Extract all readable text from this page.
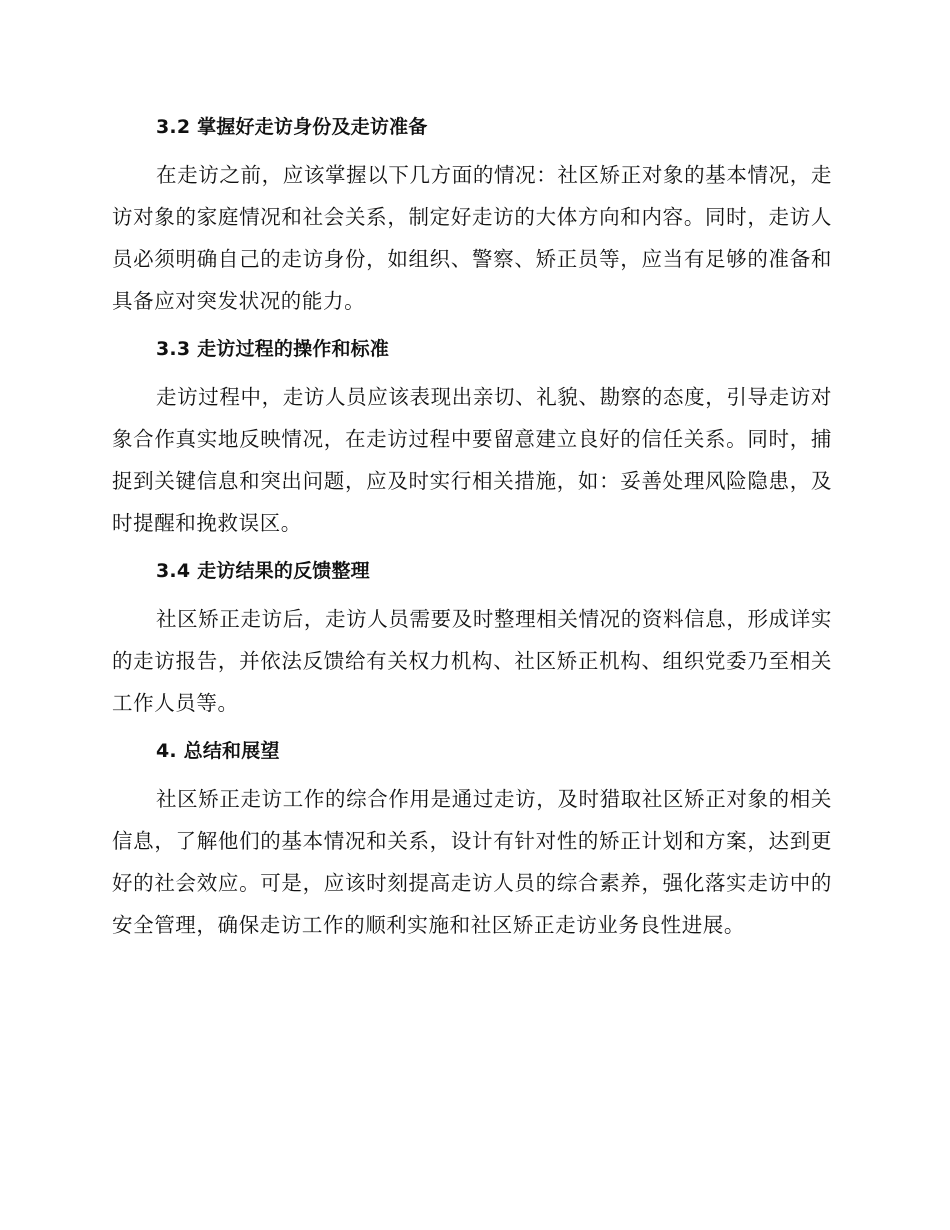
3.2 掌握好走访身份及走访准备
在走访之前，应该掌握以下几方面的情况：社区矫正对象的基本情况，走访对象的家庭情况和社会关系，制定好走访的大体方向和内容。同时，走访人员必须明确自己的走访身份，如组织、警察、矫正员等，应当有足够的准备和具备应对突发状况的能力。
3.3 走访过程的操作和标准
走访过程中，走访人员应该表现出亲切、礼貌、勘察的态度，引导走访对象合作真实地反映情况，在走访过程中要留意建立良好的信任关系。同时，捕捉到关键信息和突出问题，应及时实行相关措施，如：妥善处理风险隐患，及时提醒和挽救误区。
3.4 走访结果的反馈整理
社区矫正走访后，走访人员需要及时整理相关情况的资料信息，形成详实的走访报告，并依法反馈给有关权力机构、社区矫正机构、组织党委乃至相关工作人员等。
4. 总结和展望
社区矫正走访工作的综合作用是通过走访，及时猎取社区矫正对象的相关信息，了解他们的基本情况和关系，设计有针对性的矫正计划和方案，达到更好的社会效应。可是，应该时刻提高走访人员的综合素养，强化落实走访中的安全管理，确保走访工作的顺利实施和社区矫正走访业务良性进展。
